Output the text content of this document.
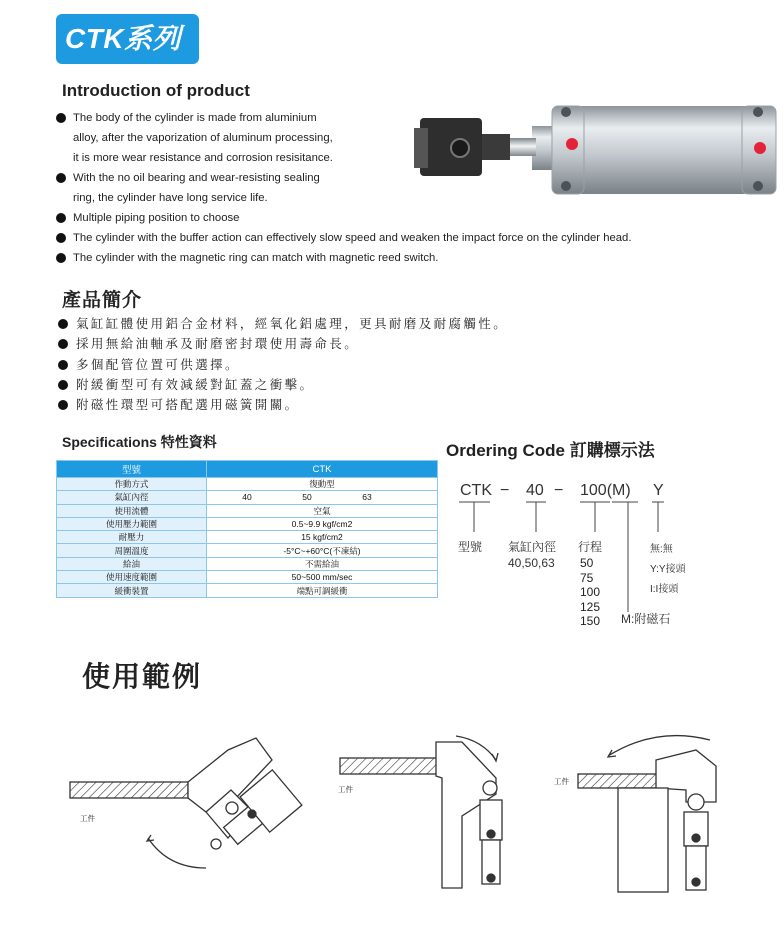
CTK系列
Introduction of product
The body of the cylinder is made from aluminium
alloy, after the vaporization of aluminum processing,
it is more wear resistance and corrosion resisitance.
With the no oil bearing and wear-resisting sealing
ring, the cylinder have long service life.
Multiple piping position to choose
The cylinder with the buffer action can effectively slow speed and weaken the impact force on the cylinder head.
The cylinder with the magnetic ring can match with magnetic reed switch.
產品簡介
氣缸缸體使用鋁合金材料，經氧化鋁處理，更具耐磨及耐腐觸性。
採用無給油軸承及耐磨密封環使用壽命長。
多個配管位置可供選擇。
附緩衝型可有效減緩對缸蓋之衝擊。
附磁性環型可搭配選用磁簧開關。
Specifications 特性資料
型號	CTK
作動方式	復動型
氣缸內徑	40 50 63

使用流體	空氣
使用壓力範圍	0.5~9.9 kgf/cm2
耐壓力	15 kgf/cm2
周圍溫度	-5°C~+60°C(不凍結)
給油	不需給油
使用速度範圍	50~500 mm/sec
緩衝裝置	端點可調緩衝
Ordering Code 訂購標示法
CTK − 40 − 100(M) Y
型號 氣缸內徑
40,50,63
行程
50
75
100
125
150 M:附磁石
無:無
Y:Y接頭
I:I接頭
使用範例
工件
工件
工件
